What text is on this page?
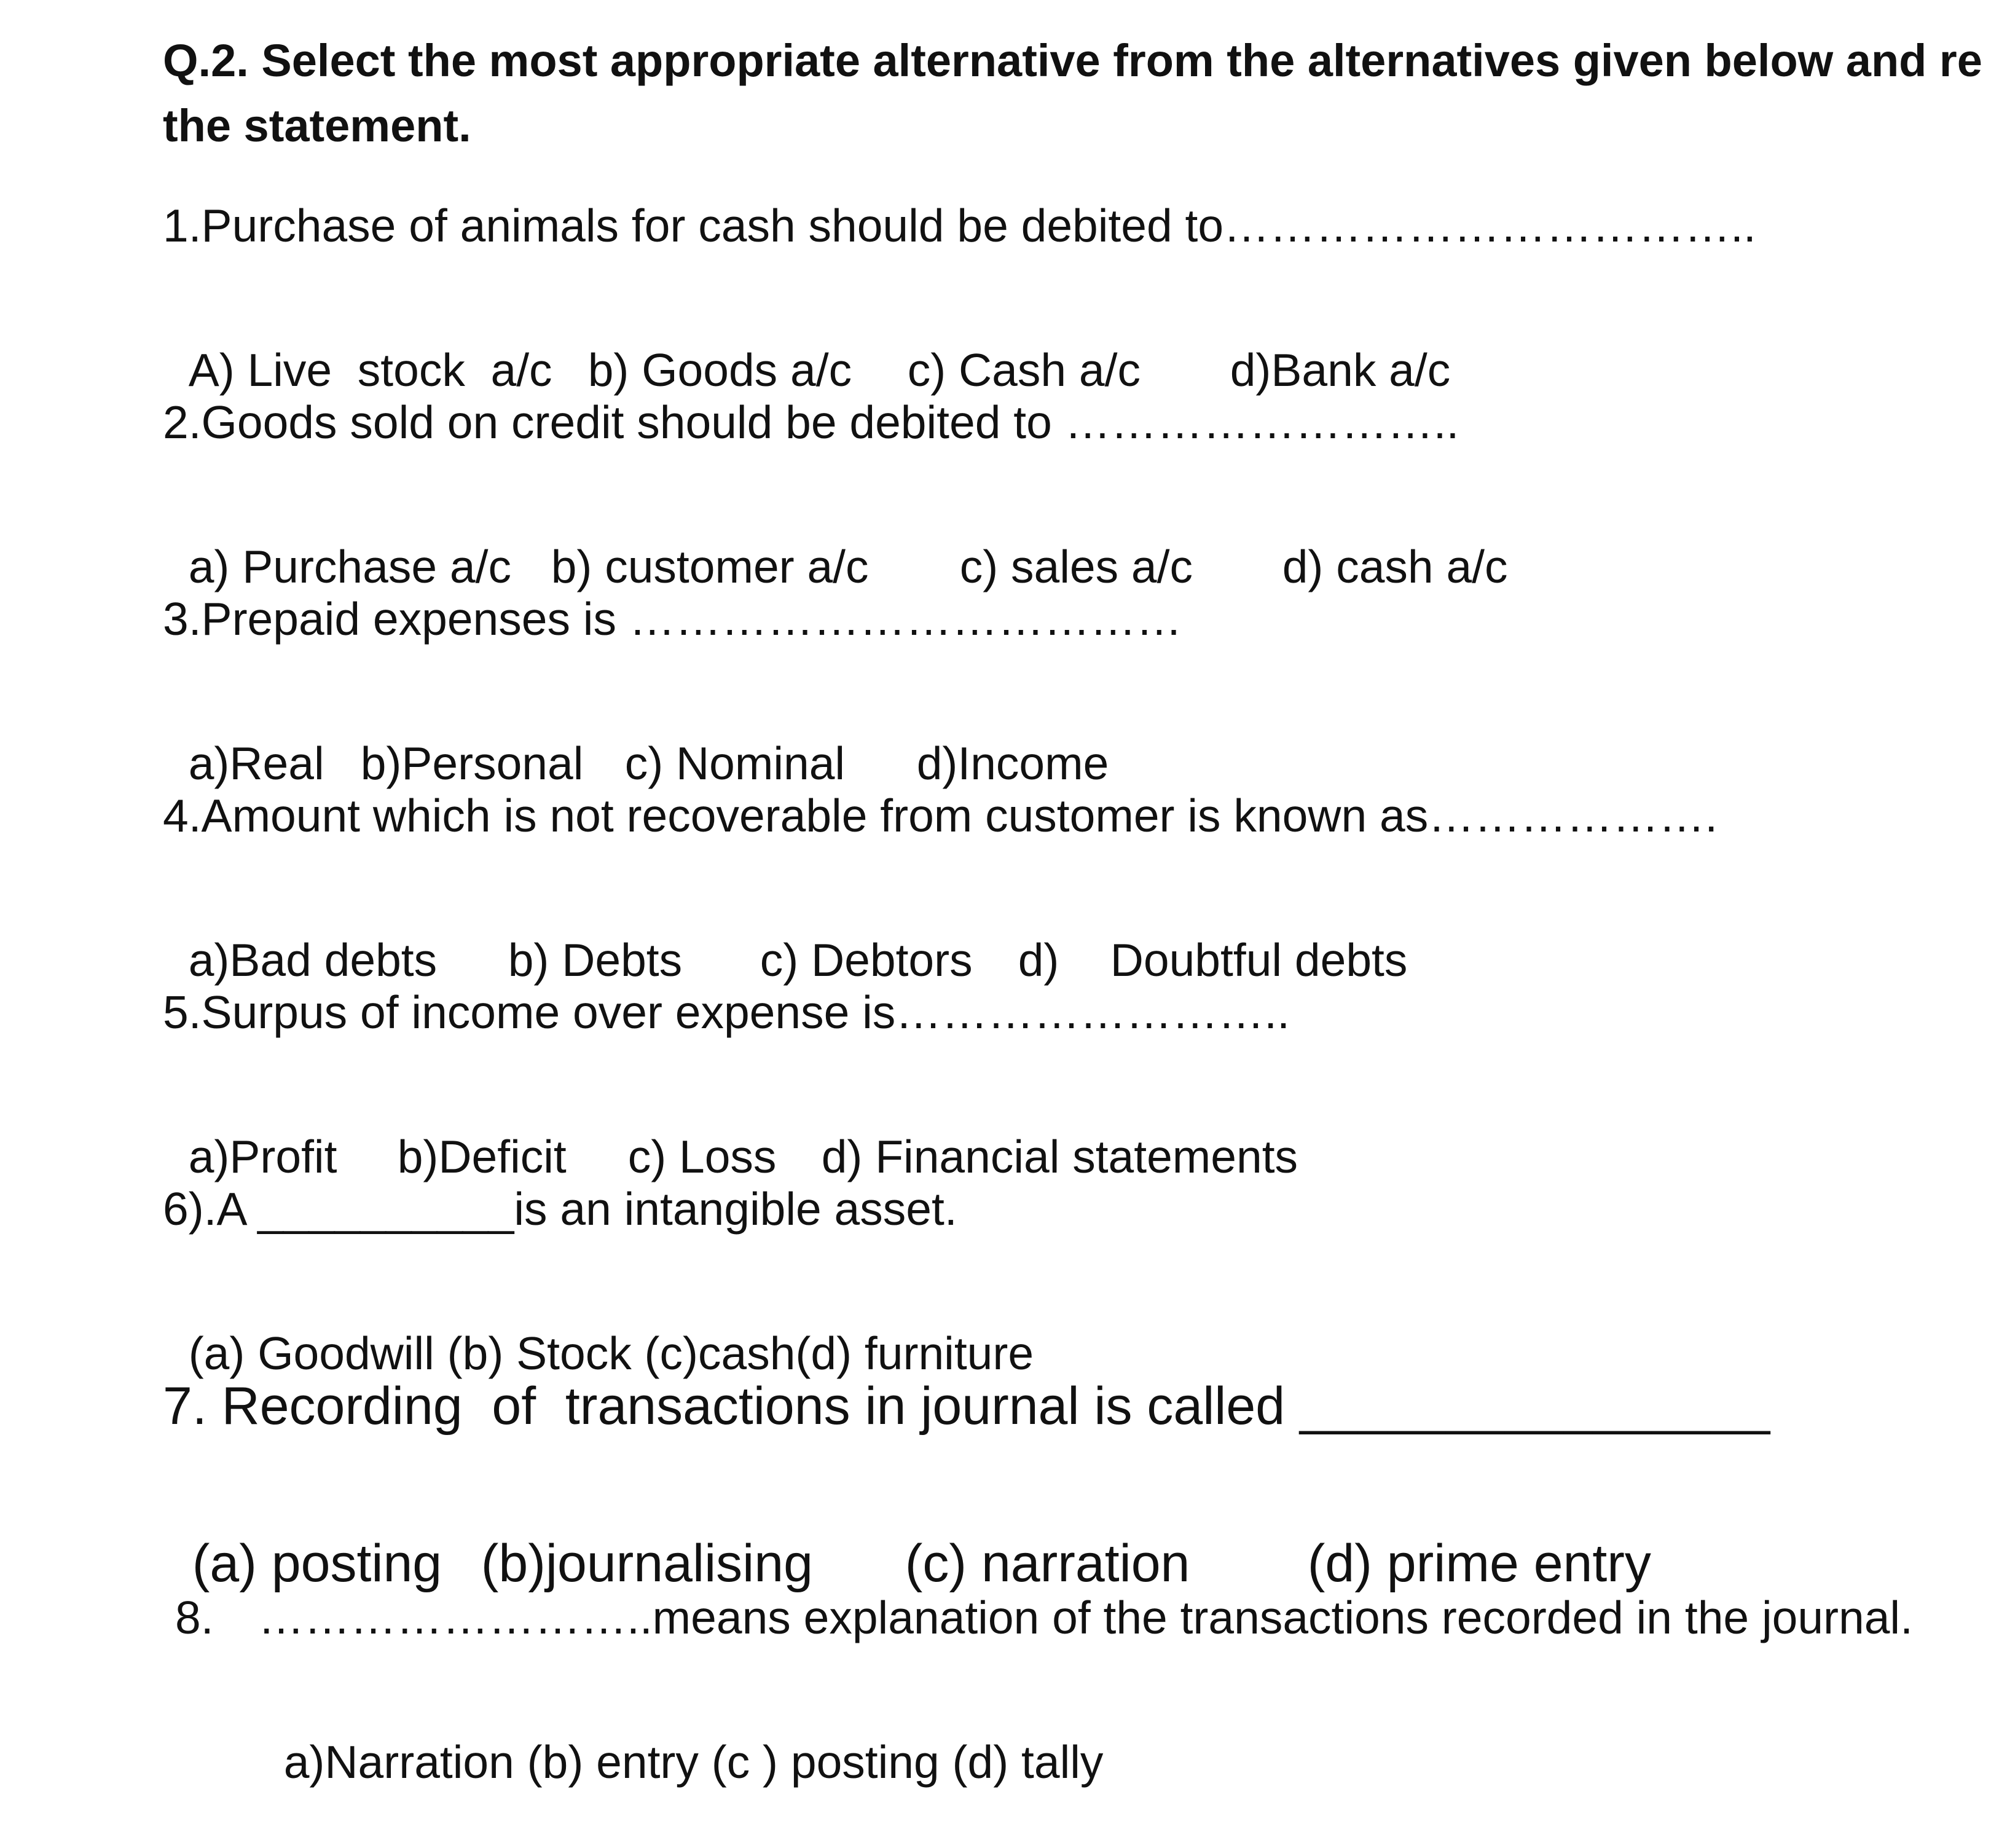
Q.2. Select the most appropriate alternative from the alternatives given below and re
the statement.
1.Purchase of animals for cash should be debited to……………………………..

A) Live  stock  a/c b) Goods a/c c) Cash a/c d)Bank a/c

2.Goods sold on credit should be debited to ……………………..

a) Purchase a/c b) customer a/c c) sales a/c d) cash a/c

3.Prepaid expenses is ………………………………

a)Real b)Personal c) Nominal d)Income

4.Amount which is not recoverable from customer is known as……………….

a)Bad debts b) Debts c) Debtors d)    Doubtful debts

5.Surpus of income over expense is……………………..

a)Profit b)Deficit c) Loss d) Financial statements

6).A __________is an intangible asset.

(a) Goodwill (b) Stock (c)cash(d) furniture

7. Recording  of  transactions in journal is called ________________

(a) posting (b)journalising (c) narration (d) prime entry

8. ……………………..means explanation of the transactions recorded in the journal.

a)Narration (b) entry (c ) posting (d) tally
